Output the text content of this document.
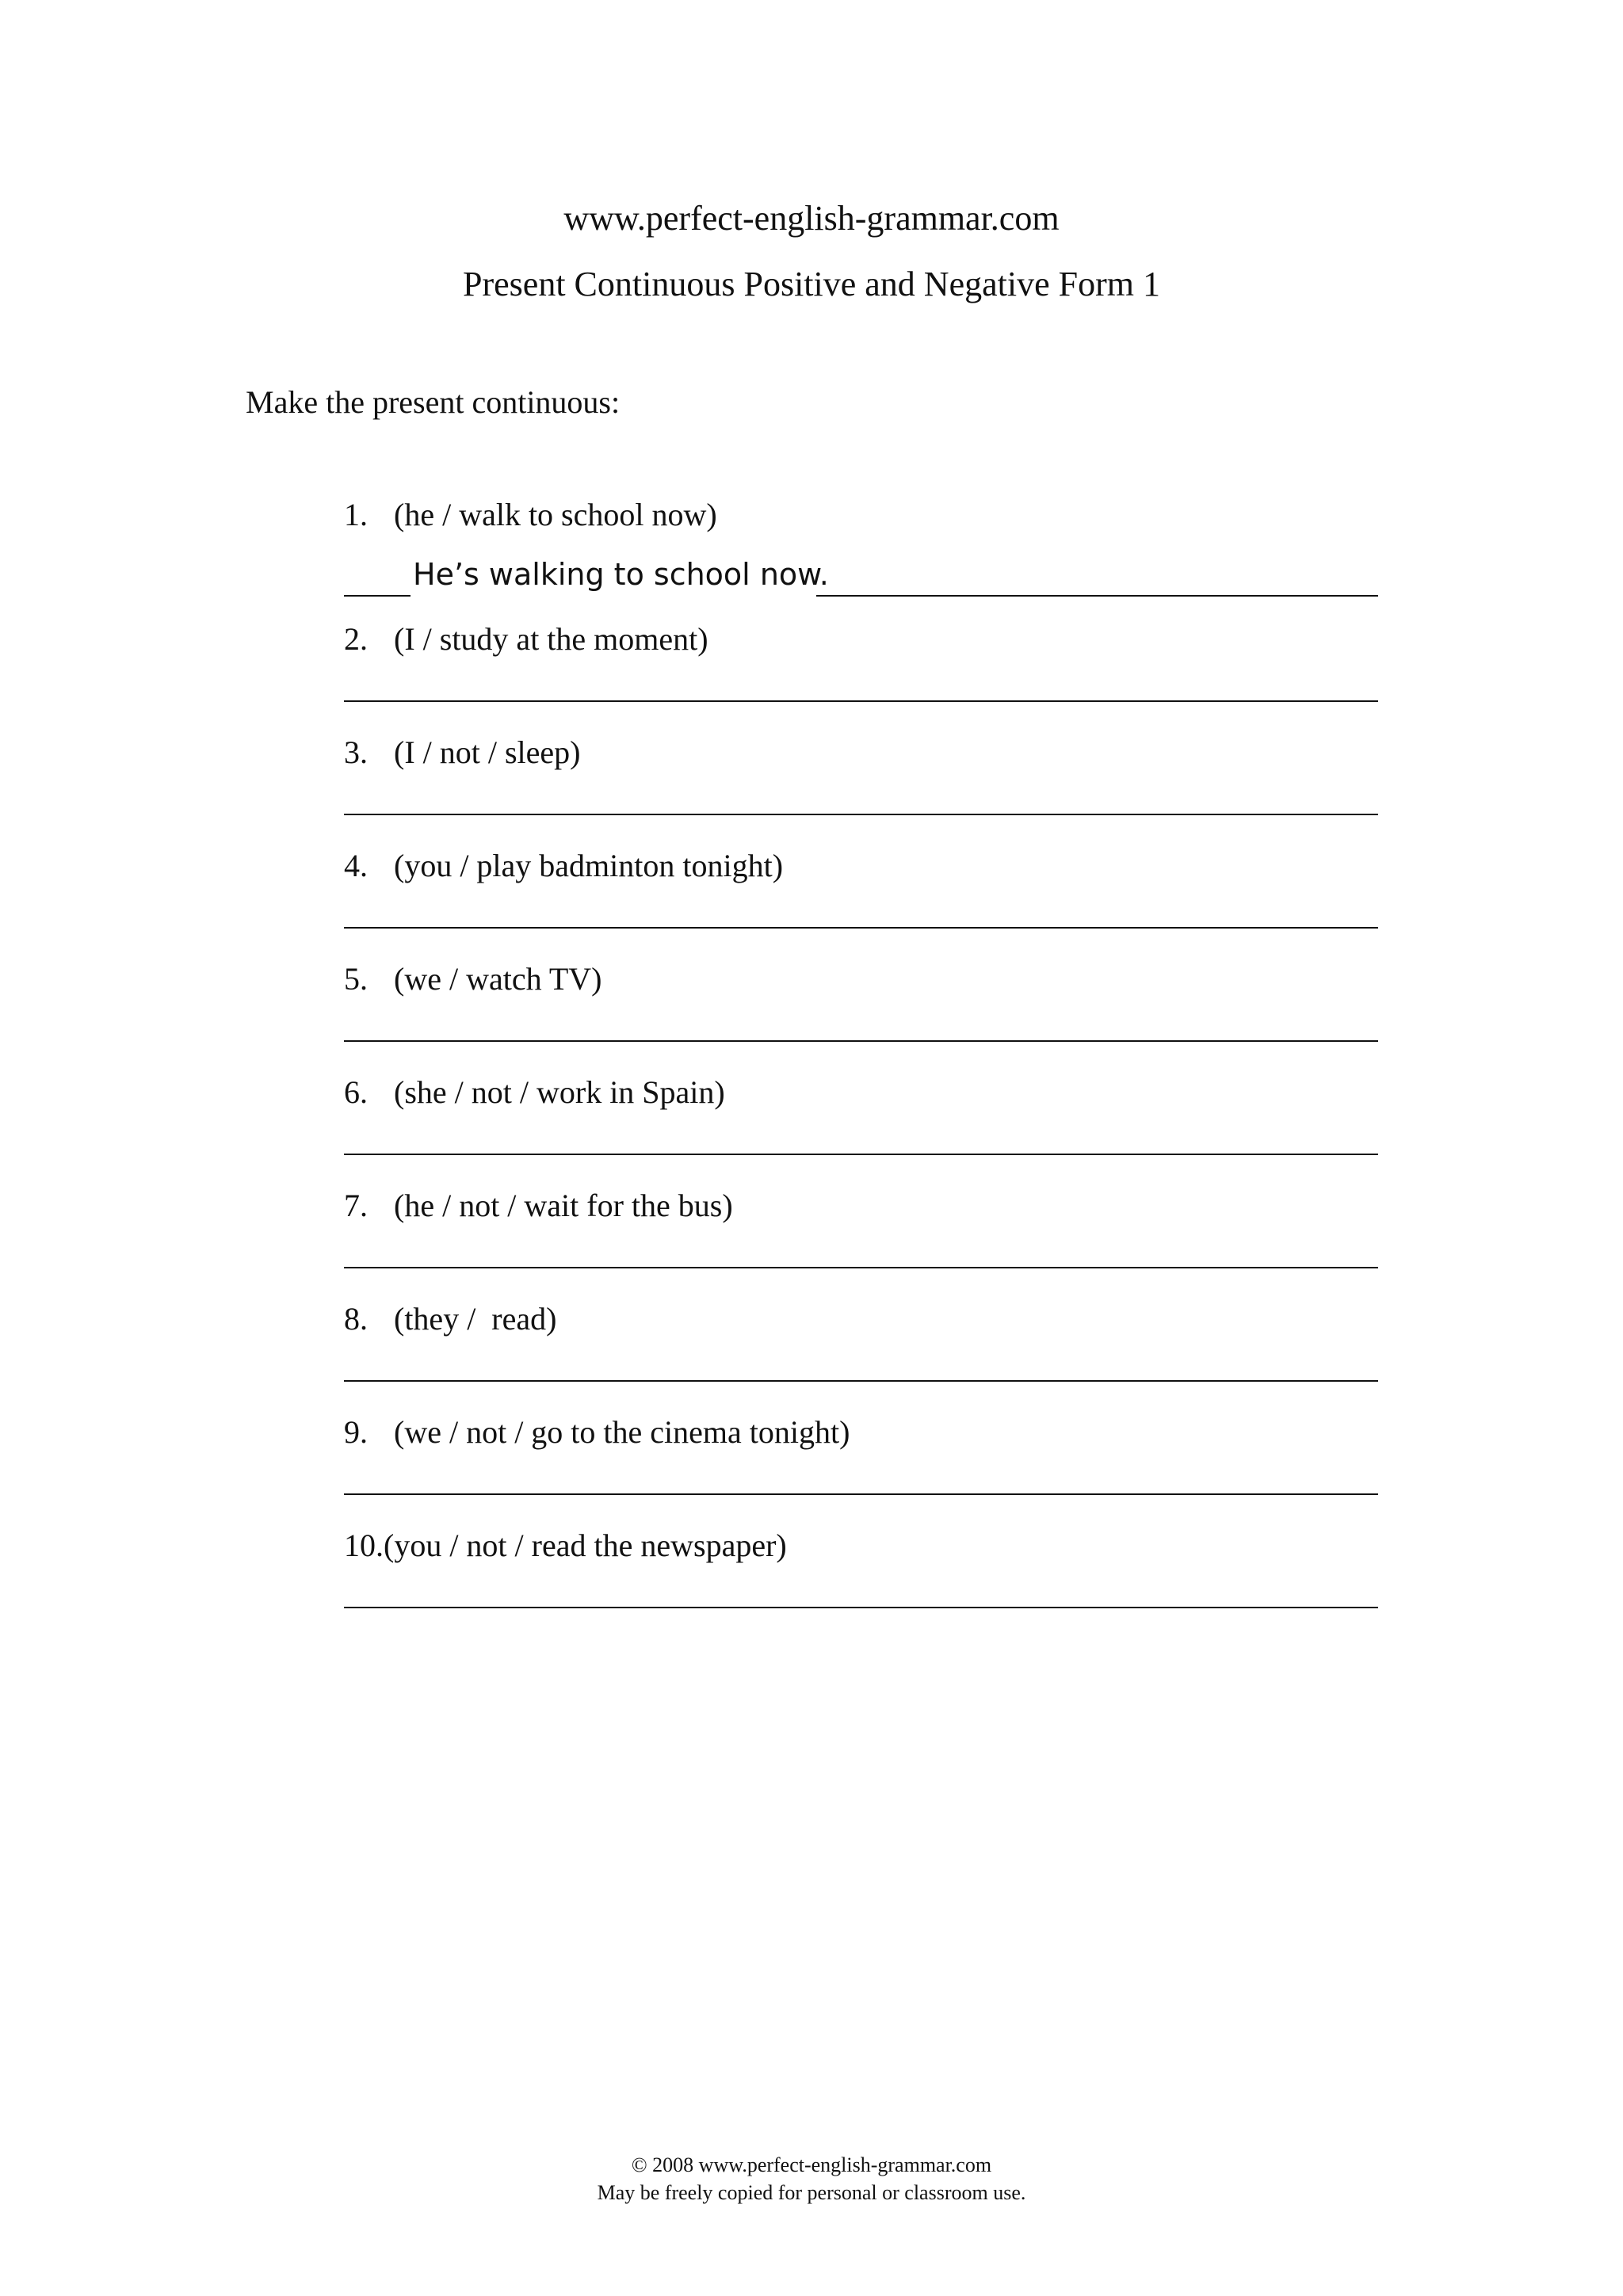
www.perfect-english-grammar.com
Present Continuous Positive and Negative Form 1
Make the present continuous:
1. (he / walk to school now)
He’s walking to school now.
2. (I / study at the moment)
3. (I / not / sleep)
4. (you / play badminton tonight)
5. (we / watch TV)
6. (she / not / work in Spain)
7. (he / not / wait for the bus)
8. (they /  read)
9. (we / not / go to the cinema tonight)
10.(you / not / read the newspaper)
© 2008 www.perfect-english-grammar.com
May be freely copied for personal or classroom use.
